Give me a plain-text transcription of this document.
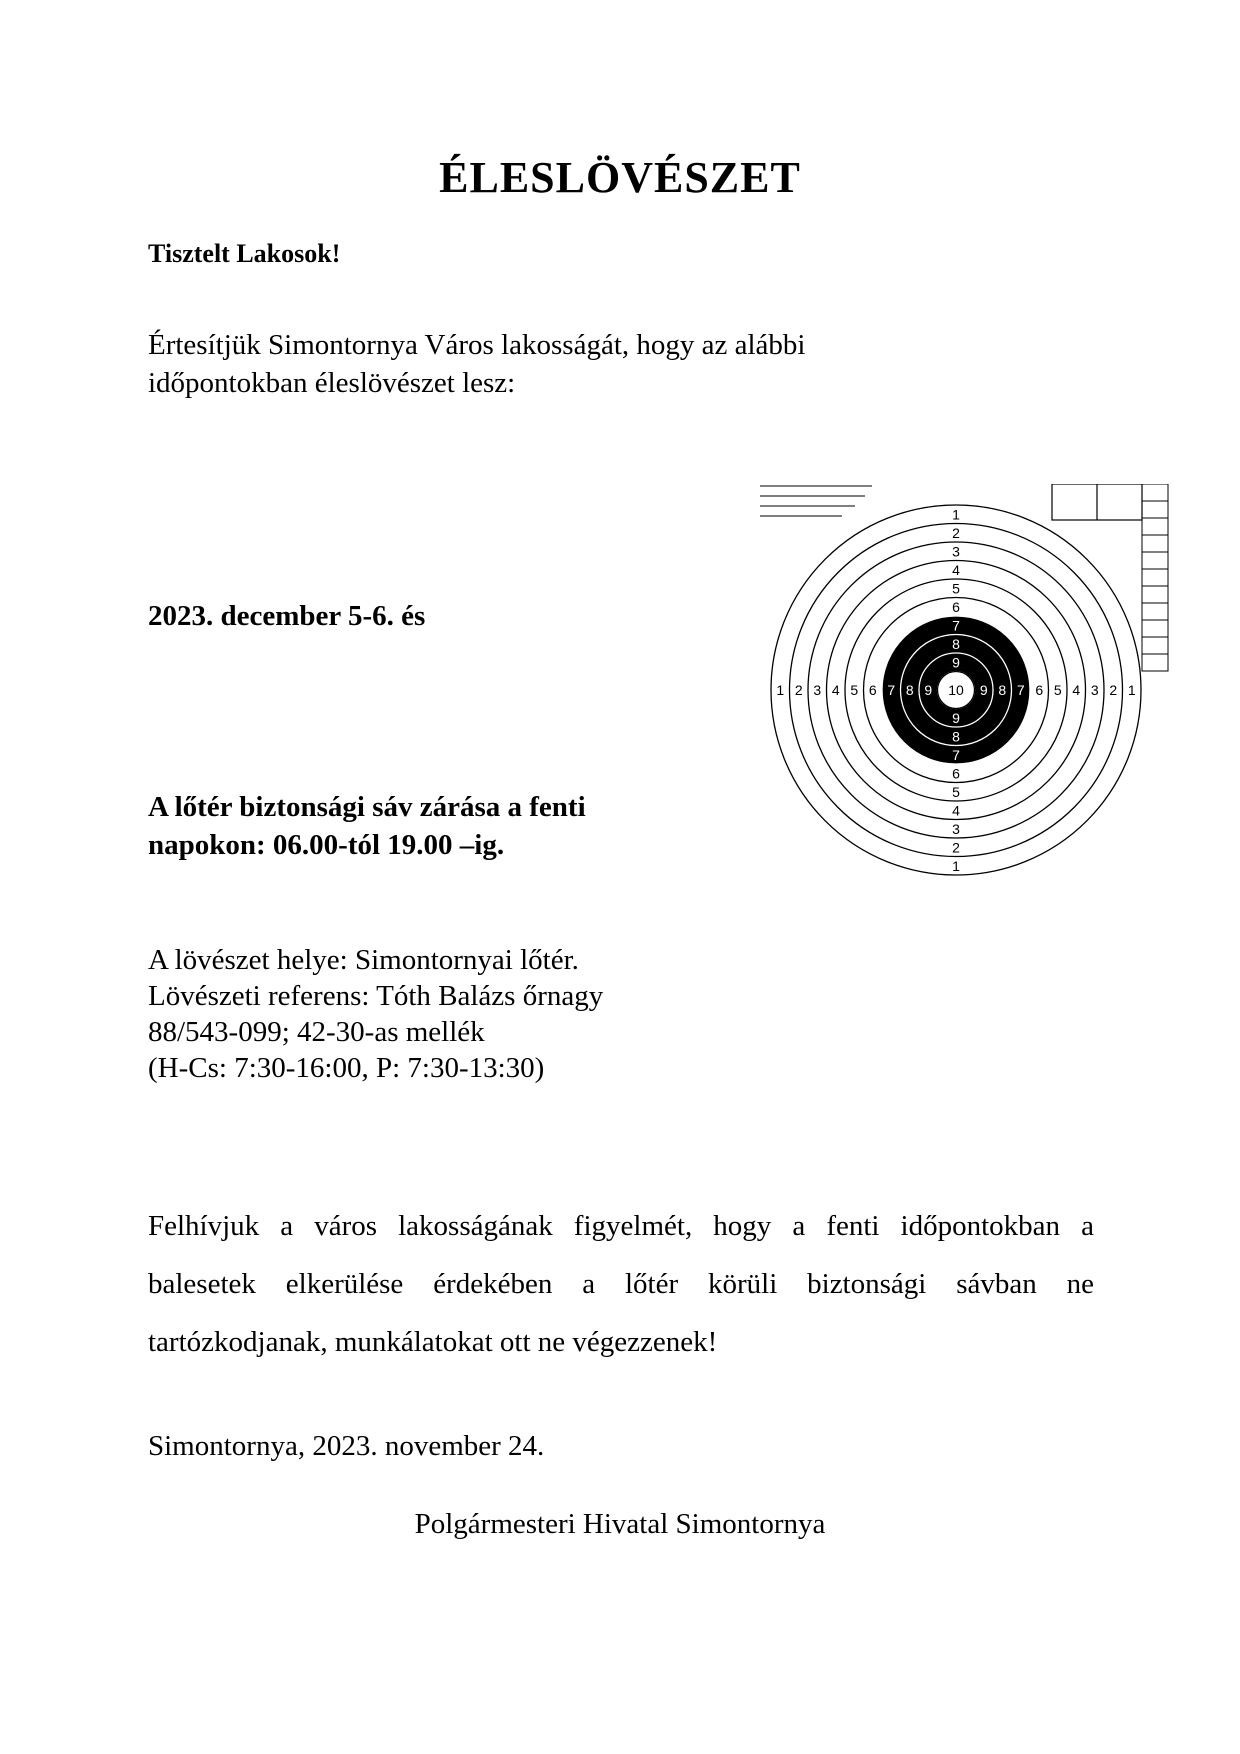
ÉLESLÖVÉSZET

Tisztelt Lakosok!

Értesítjük Simontornya Város lakosságát, hogy az alábbi

időpontokban éleslövészet lesz:

2023. december 5-6. és

A lőtér biztonsági sáv zárása a fenti

napokon: 06.00-tól 19.00 –ig.

A lövészet helye: Simontornyai lőtér.

Lövészeti referens: Tóth Balázs őrnagy

88/543-099; 42-30-as mellék

(H-Cs: 7:30-16:00, P: 7:30-13:30)

Felhívjuk a város lakosságának figyelmét, hogy a fenti időpontokban a

balesetek elkerülése érdekében a lőtér körüli biztonsági sávban ne

tartózkodjanak, munkálatokat ott ne végezzenek!

Simontornya, 2023. november 24.

Polgármesteri Hivatal Simontornya

1
1
1	1
2
2
2	2
3
3
3	3
4
4
4	4
5
5
5	5
6
6
6	6
7
7
7	7
8
8
8	8
9
9
9	9
10
